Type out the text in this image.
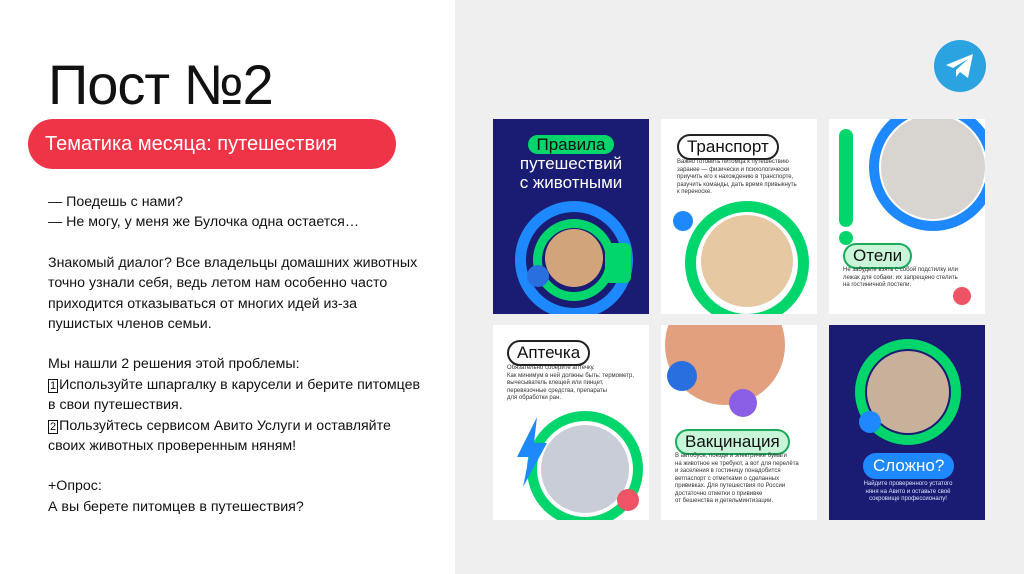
Пост №2
Тематика месяца: путешествия
— Поедешь с нами?
— Не могу, у меня же Булочка одна остается…
Знакомый диалог? Все владельцы домашних животных
точно узнали себя, ведь летом нам особенно часто
приходится отказываться от многих идей из-за
пушистых членов семьи.
Мы нашли 2 решения этой проблемы:
1 Используйте шпаргалку в карусели и берите питомцев
в свои путешествия.
2 Пользуйтесь сервисом Авито Услуги и оставляйте
своих животных проверенным няням!
+Опрос:
А вы берете питомцев в путешествия?
Правила
путешествий
с животными
Транспорт
Важно готовить питомца к путешествию
заранее — физически и психологически
приучить его к нахождению в транспорте,
разучить команды, дать время привыкнуть
к переноске.
Отели
Не забудьте взять с собой подстилку или
лежак для собаки: их запрещено стелить
на гостиничной постели.
Аптечка
Обязательно соберите аптечку.
Как минимум в ней должны быть: термометр,
вычесыватель клещей или пинцет,
перевязочные средства, препараты
для обработки ран.
Вакцинация
В автобусе, поезде и электричке бумаги
на животное не требуют, а вот для перелёта
и заселения в гостиницу понадобится
ветпаспорт с отметками о сделанных
прививках. Для путешествия по России
достаточно отметки о прививке
от бешенства и дегельминтизации.
Сложно?
Найдите проверенного устатого
няня на Авито и оставьте своё
сокровище профессионалу!
